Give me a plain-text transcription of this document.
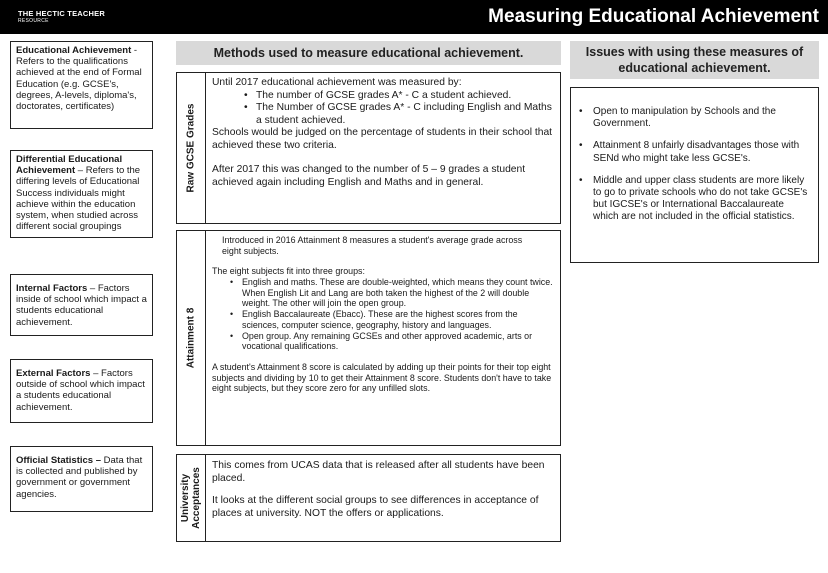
THE HECTIC TEACHER
RESOURCE	Measuring Educational Achievement
Educational Achievement - Refers to the qualifications achieved at the end of Formal Education (e.g. GCSE's, degrees, A-levels, diploma's, doctorates, certificates)
Differential Educational Achievement – Refers to the differing levels of Educational Success individuals might achieve within the education system, when studied across different social groupings
Internal Factors – Factors inside of school which impact a students educational achievement.
External Factors – Factors outside of school which impact a students educational achievement.
Official Statistics – Data that is collected and published by government or government agencies.
Methods used to measure educational achievement.
Raw GCSE Grades

Until 2017 educational achievement was measured by:

• The number of GCSE grades A* - C a student achieved.
• The Number of GCSE grades A* - C including English and Maths a student achieved.

Schools would be judged on the percentage of students in their school that achieved these two criteria.

After 2017 this was changed to the number of 5 – 9 grades a student achieved again including English and Maths and in general.

Attainment 8

Introduced in 2016 Attainment 8 measures a student's average grade across eight subjects.

The eight subjects fit into three groups:

• English and maths. These are double-weighted, which means they count twice. When English Lit and Lang are both taken the highest of the 2 will double weight. The other will join the open group.
• English Baccalaureate (Ebacc). These are the highest scores from the sciences, computer science, geography, history and languages.
• Open group. Any remaining GCSEs and other approved academic, arts or vocational qualifications.

A student's Attainment 8 score is calculated by adding up their points for their top eight subjects and dividing by 10 to get their Attainment 8 score. Students don't have to take eight subjects, but they score zero for any unfilled slots.

University Acceptances

This comes from UCAS data that is released after all students have been placed.

It looks at the different social groups to see differences in acceptance of places at university. NOT the offers or applications.

Issues with using these measures of educational achievement.
• Open to manipulation by Schools and the Government.
• Attainment 8 unfairly disadvantages those with SENd who might take less GCSE's.
• Middle and upper class students are more likely to go to private schools who do not take GCSE's but IGCSE's or International Baccalaureate which are not included in the official statistics.
